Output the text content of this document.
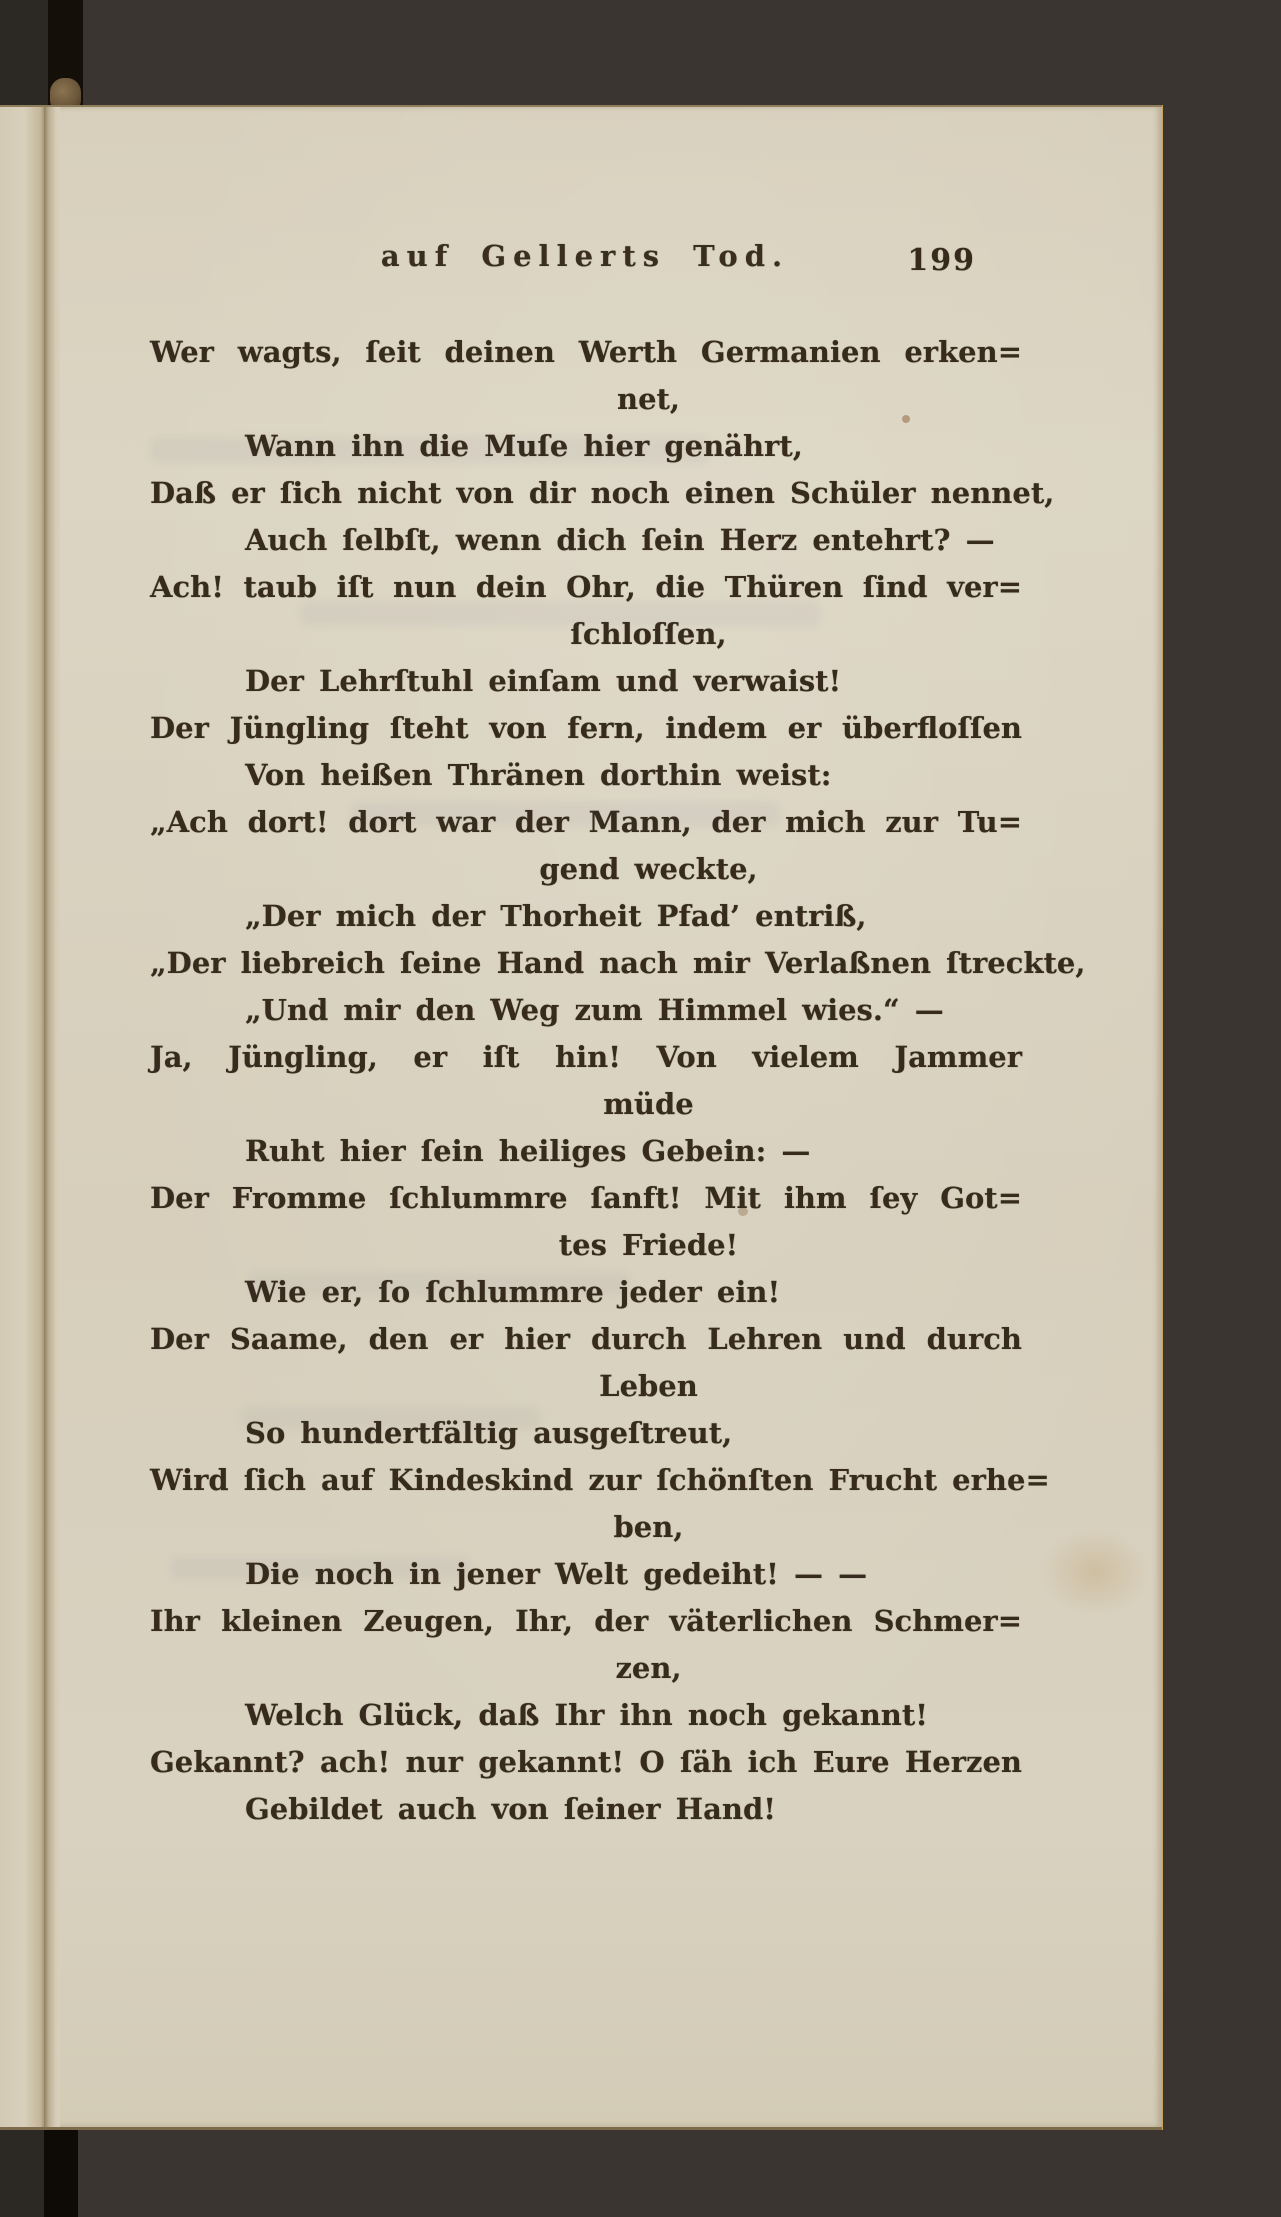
auf Gellerts Tod.	199
Wer wagts, ſeit deinen Werth Germanien erken=
net,
Wann ihn die Muſe hier genährt,
Daß er ſich nicht von dir noch einen Schüler nennet,
Auch ſelbſt, wenn dich ſein Herz entehrt? —
Ach! taub iſt nun dein Ohr, die Thüren ſind ver=
ſchloſſen,
Der Lehrſtuhl einſam und verwaist!
Der Jüngling ſteht von fern, indem er überfloſſen
Von heißen Thränen dorthin weist:
„Ach dort! dort war der Mann, der mich zur Tu=
gend weckte,
„Der mich der Thorheit Pfad’ entriß,
„Der liebreich ſeine Hand nach mir Verlaßnen ſtreckte,
„Und mir den Weg zum Himmel wies.“ —
Ja, Jüngling, er iſt hin! Von vielem Jammer
müde
Ruht hier ſein heiliges Gebein: —
Der Fromme ſchlummre ſanft! Mit ihm ſey Got=
tes Friede!
Wie er, ſo ſchlummre jeder ein!
Der Saame, den er hier durch Lehren und durch
Leben
So hundertfältig ausgeſtreut,
Wird ſich auf Kindeskind zur ſchönſten Frucht erhe=
ben,
Die noch in jener Welt gedeiht! — —
Ihr kleinen Zeugen, Ihr, der väterlichen Schmer=
zen,
Welch Glück, daß Ihr ihn noch gekannt!
Gekannt? ach! nur gekannt! O ſäh ich Eure Herzen
Gebildet auch von ſeiner Hand!
